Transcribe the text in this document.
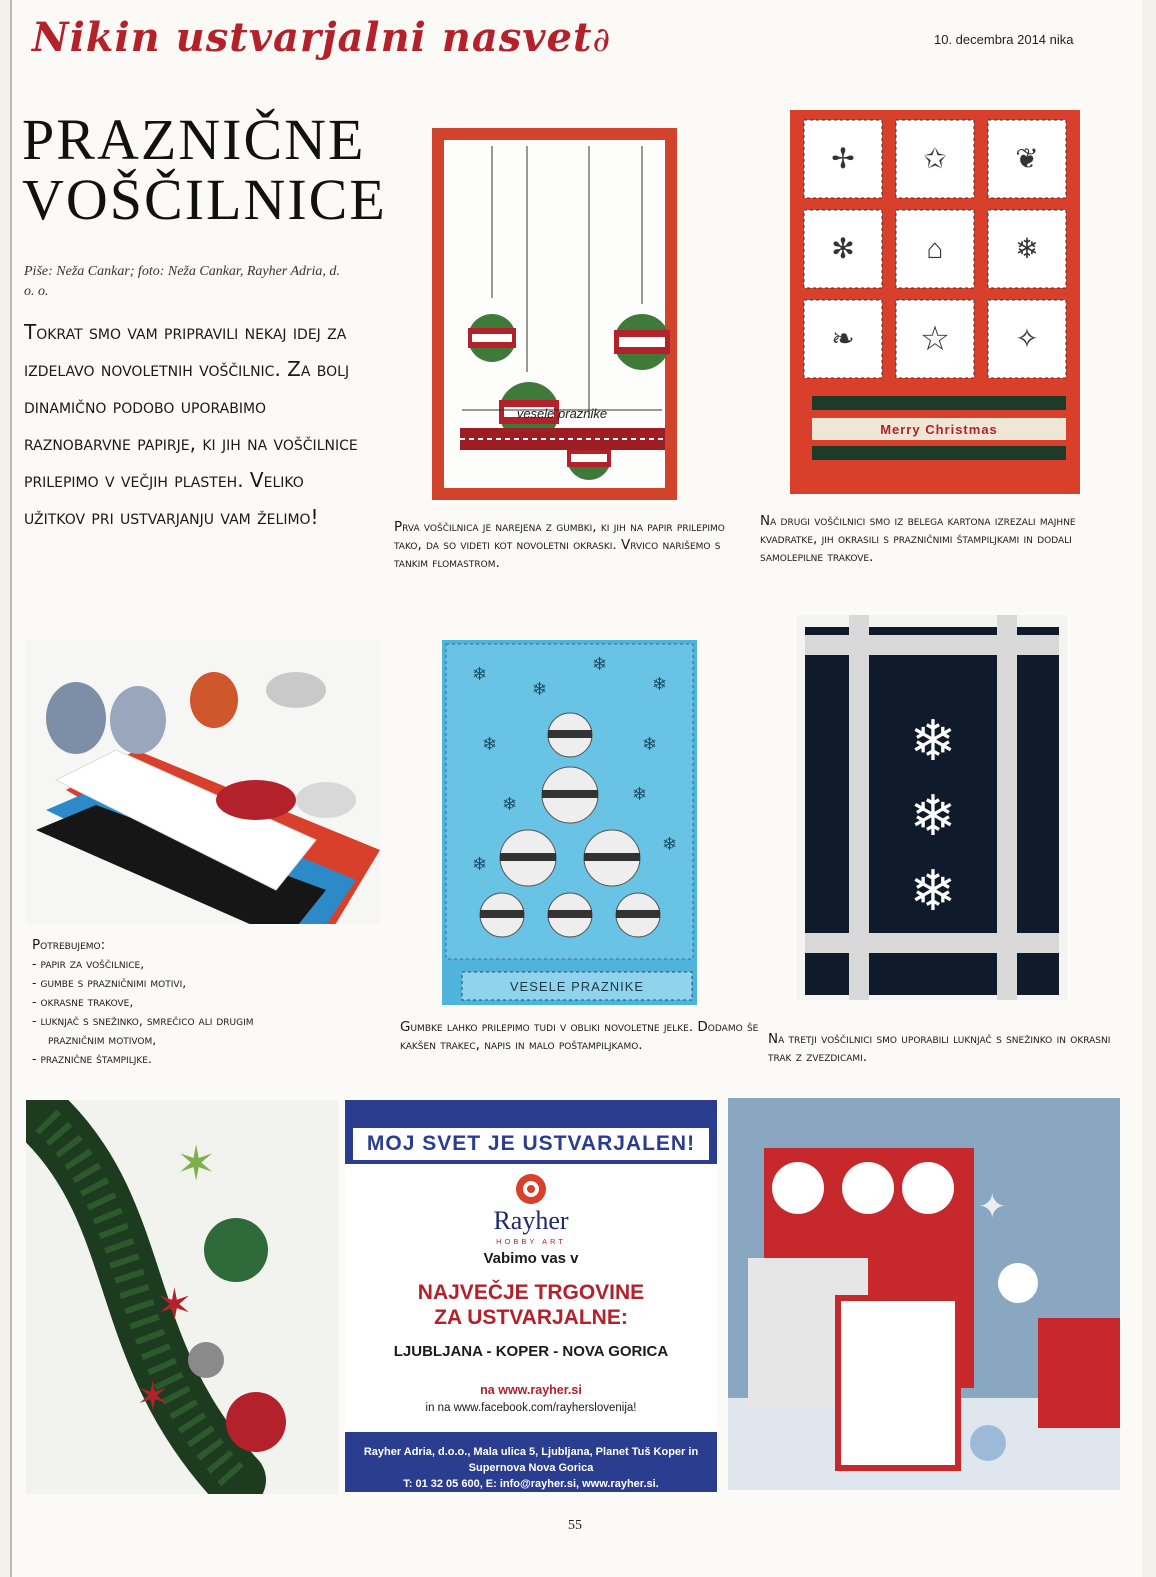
Nikin ustvarjalni nasvet∂	10. decembra 2014 nika
PRAZNIČNE
VOŠČILNICE
Piše: Neža Cankar; foto: Neža Cankar, Rayher Adria, d. o. o.
Tokrat smo vam pripravili nekaj idej za izdelavo novoletnih voščilnic. Za bolj dinamično podobo uporabimo raznobarvne papirje, ki jih na voščilnice prilepimo v večjih plasteh. Veliko užitkov pri ustvarjanju vam želimo!
vesele praznike
✢ ✩ ❦
✻	⌂	❄
❧ ☆ ✧
Merry Christmas
❄
❄
❄
❄
❄	❄
❄	❄
❄
❄
VESELE PRAZNIKE
❄
❄
❄
Prva voščilnica je narejena z gumbki, ki jih na papir prilepimo tako, da so videti kot novoletni okraski. Vrvico narišemo s tankim flomastrom.
Na drugi voščilnici smo iz belega kartona izrezali majhne kvadratke, jih okrasili s prazničnimi štampiljkami in dodali samolepilne trakove.
Gumbke lahko prilepimo tudi v obliki novoletne jelke. Dodamo še kakšen trakec, napis in malo poštampiljkamo.	Na tretji voščilnici smo uporabili luknjač s snežinko in okrasni trak z zvezdicami.
Potrebujemo:
- papir za voščilnice,
- gumbe s prazničnimi motivi,
- okrasne trakove,
- luknjač s snežinko, smrečico ali drugim
prazničnim motivom,
- praznične štampiljke.
✶
✶
✶
MOJ SVET JE USTVARJALEN!
Rayher
HOBBY ART
Vabimo vas v
NAJVEČJE TRGOVINE
ZA USTVARJALNE:
LJUBLJANA - KOPER - NOVA GORICA
na www.rayher.si
in na www.facebook.com/rayherslovenija!
Rayher Adria, d.o.o., Mala ulica 5, Ljubljana, Planet Tuš Koper in Supernova Nova Gorica
T: 01 32 05 600, E: info@rayher.si, www.rayher.si.
✦
✦
55
